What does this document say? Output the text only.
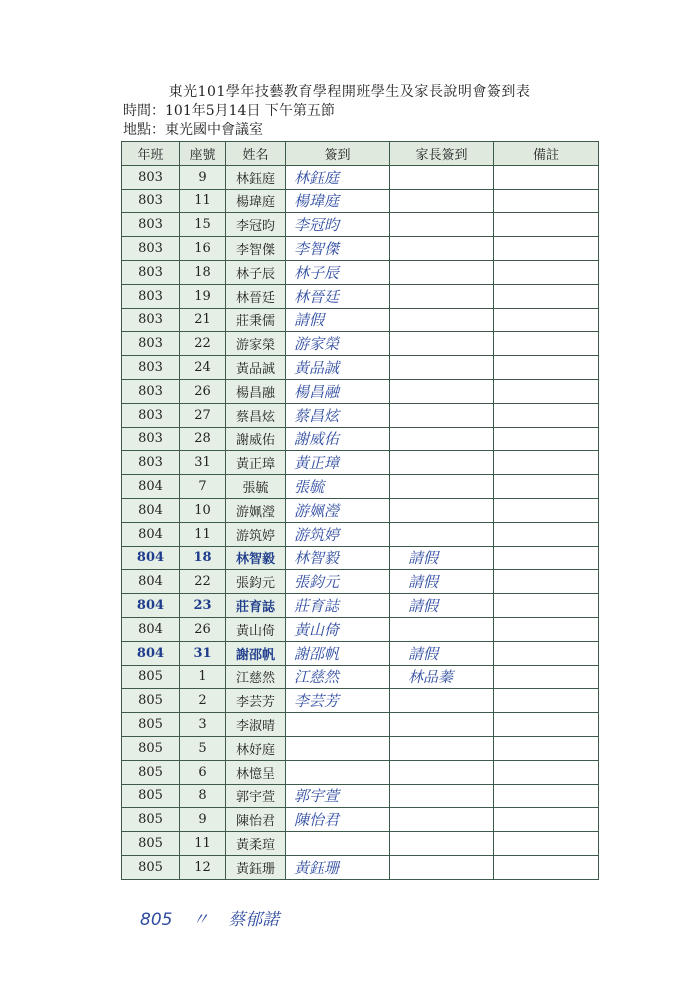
東光101學年技藝教育學程開班學生及家長說明會簽到表
時間：101年5月14日 下午第五節
地點：東光國中會議室
年班	座號	姓名	簽到	家長簽到	備註
803	9	林鈺庭	林鈺庭		
803	11	楊瑋庭	楊瑋庭		
803	15	李冠昀	李冠昀		
803	16	李智傑	李智傑		
803	18	林子辰	林子辰		
803	19	林晉廷	林晉廷		
803	21	莊秉儒	請假		
803	22	游家榮	游家榮		
803	24	黃品誠	黃品誠		
803	26	楊昌融	楊昌融		
803	27	蔡昌炫	蔡昌炫		
803	28	謝威佑	謝威佑		
803	31	黃正璋	黃正璋		
804	7	張毓	張毓		
804	10	游姵瀅	游姵瀅		
804	11	游筑婷	游筑婷		
804	18	林智毅	林智毅	請假	
804	22	張鈞元	張鈞元	請假	
804	23	莊育誌	莊育誌	請假	
804	26	黃山倚	黃山倚		
804	31	謝邵帆	謝邵帆	請假	
805	1	江慈然	江慈然	林品蓁	
805	2	李芸芳	李芸芳		
805	3	李淑晴			
805	5	林妤庭			
805	6	林憶呈			
805	8	郭宇萱	郭宇萱		
805	9	陳怡君	陳怡君		
805	11	黃柔瑄			
805	12	黃鈺珊	黃鈺珊		
805 〃 蔡郁諾
